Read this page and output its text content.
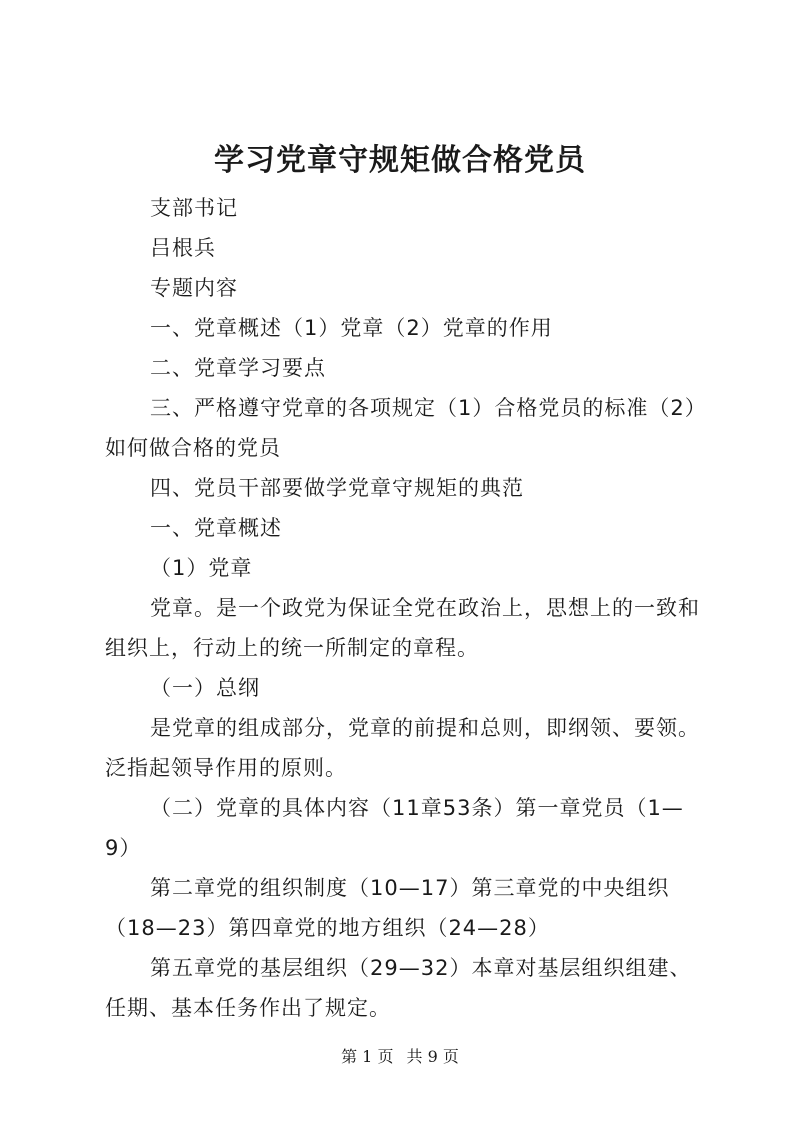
学习党章守规矩做合格党员

支部书记

吕根兵

专题内容

一、党章概述（1）党章（2）党章的作用

二、党章学习要点

三、严格遵守党章的各项规定（1）合格党员的标准（2）如何做合格的党员

四、党员干部要做学党章守规矩的典范

一、党章概述

（1）党章

党章。是一个政党为保证全党在政治上，思想上的一致和组织上，行动上的统一所制定的章程。

（一）总纲

是党章的组成部分，党章的前提和总则，即纲领、要领。泛指起领导作用的原则。

（二）党章的具体内容（11章53条）第一章党员（1—9）

第二章党的组织制度（10—17）第三章党的中央组织（18—23）第四章党的地方组织（24—28）

第五章党的基层组织（29—32）本章对基层组织组建、任期、基本任务作出了规定。

第 1 页 共 9 页
